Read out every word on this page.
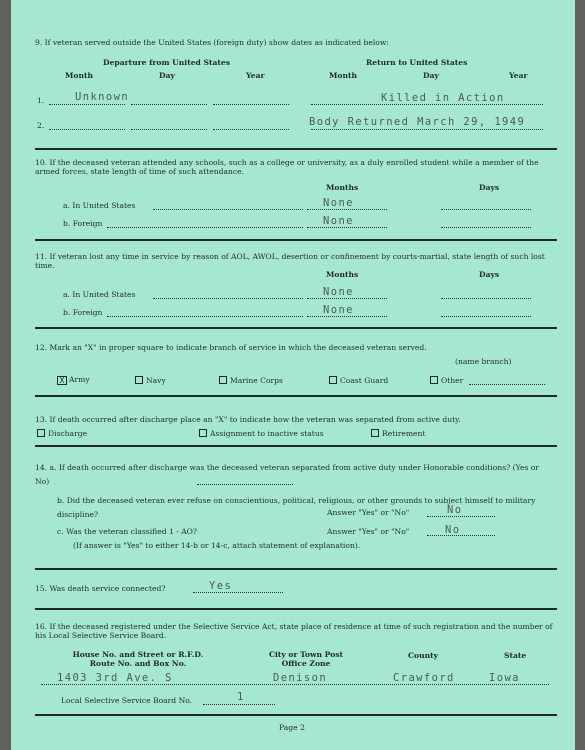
9. If veteran served outside the United States (foreign duty) show dates as indicated below:
Departure from United States	Return to United States
Month	Day	Year	Month	Day	Year
1.	Unknown	Killed in Action
2.	Body Returned March 29, 1949
10. If the deceased veteran attended any schools, such as a college or university, as a duly enrolled student while a member of the armed forces, state length of time of such attendance.
Months	Days
a. In United States	None
b. Foreign	None
11. If veteran lost any time in service by reason of AOL, AWOL, desertion or confinement by courts-martial, state length of such lost time.
Months	Days
a. In United States	None
b. Foreign	None
12. Mark an "X" in proper square to indicate branch of service in which the deceased veteran served.
(name branch)
X Army	Navy	Marine Corps	Coast Guard	Other
13. If death occurred after discharge place an "X" to indicate how the veteran was separated from active duty.
Discharge	Assignment to inactive status	Retirement
14. a. If death occurred after discharge was the deceased veteran separated from active duty under Honorable conditions? (Yes or No)
b. Did the deceased veteran ever refuse on conscientious, political, religious, or other grounds to subject himself to military discipline?	Answer "Yes" or "No"	No
c. Was the veteran classified 1 - AO?	Answer "Yes" or "No"	No
(If answer is "Yes" to either 14-b or 14-c, attach statement of explanation).
15. Was death service connected?	Yes
16. If the deceased registered under the Selective Service Act, state place of residence at time of such registration and the number of his Local Selective Service Board.
House No. and Street or R.F.D. Route No. and Box No.
City or Town Post Office Zone
County	State
1403 3rd Ave. S	Denison	Crawford	Iowa
Local Selective Service Board No.	1
Page 2
